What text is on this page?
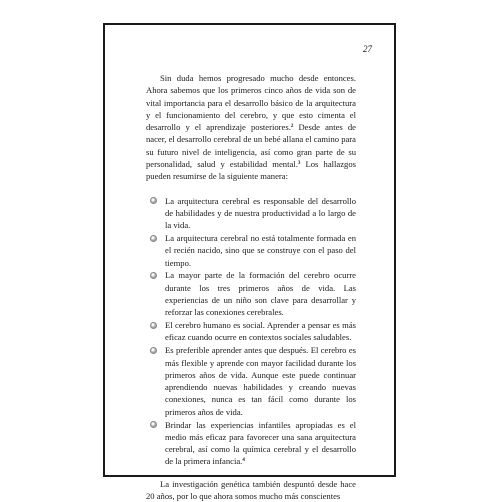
27

Sin duda hemos progresado mucho desde entonces. Ahora sabemos que los primeros cinco años de vida son de vital importancia para el desarrollo básico de la arquitectura y el funcionamiento del cerebro, y que esto cimenta el desarrollo y el aprendizaje posteriores.$^2$ Desde antes de nacer, el desarrollo cerebral de un bebé allana el camino para su futuro nivel de inteligencia, así como gran parte de su personalidad, salud y estabilidad mental.$^3$ Los hallazgos pueden resumirse de la siguiente manera:

La arquitectura cerebral es responsable del desarrollo de habilidades y de nuestra productividad a lo largo de la vida.
La arquitectura cerebral no está totalmente formada en el recién nacido, sino que se construye con el paso del tiempo.
La mayor parte de la formación del cerebro ocurre durante los tres primeros años de vida. Las experiencias de un niño son clave para desarrollar y reforzar las conexiones cerebrales.
El cerebro humano es social. Aprender a pensar es más eficaz cuando ocurre en contextos sociales saludables.
Es preferible aprender antes que después. El cerebro es más flexible y aprende con mayor facilidad durante los primeros años de vida. Aunque este puede continuar aprendiendo nuevas habilidades y creando nuevas conexiones, nunca es tan fácil como durante los primeros años de vida.
Brindar las experiencias infantiles apropiadas es el medio más eficaz para favorecer una sana arquitectura cerebral, así como la química cerebral y el desarrollo de la primera infancia.$^4$

La investigación genética también despuntó desde hace 20 años, por lo que ahora somos mucho más conscientes
